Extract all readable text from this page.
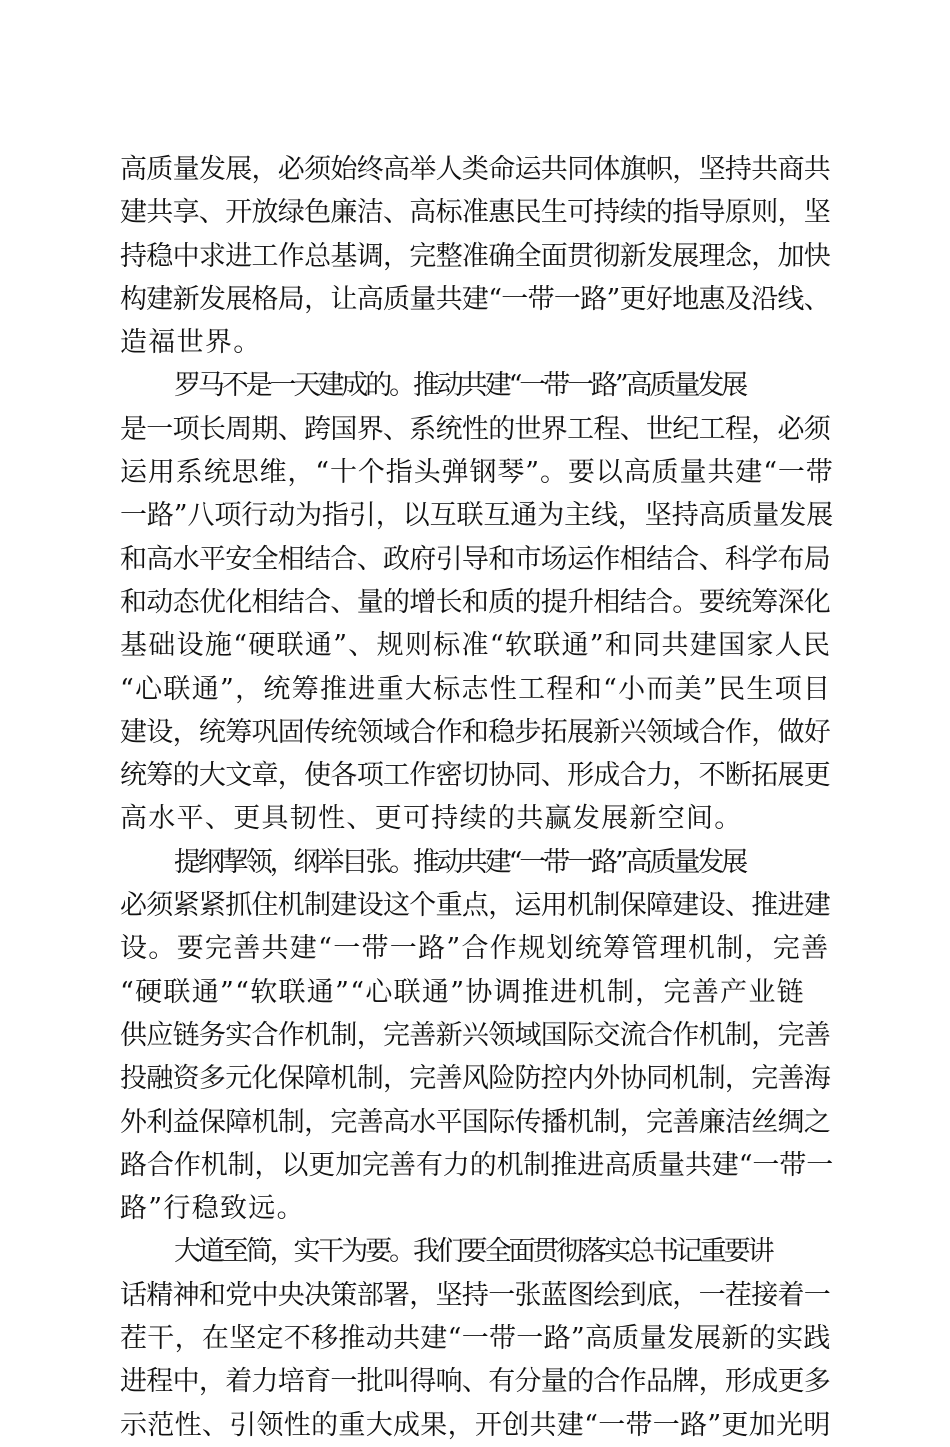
高质量发展，必须始终高举人类命运共同体旗帜，坚持共商共
建共享、开放绿色廉洁、高标准惠民生可持续的指导原则，坚
持稳中求进工作总基调，完整准确全面贯彻新发展理念，加快
构建新发展格局，让高质量共建“一带一路”更好地惠及沿线、
造福世界。
罗马不是一天建成的。推动共建“一带一路”高质量发展
是一项长周期、跨国界、系统性的世界工程、世纪工程，必须
运用系统思维，“十个指头弹钢琴”。要以高质量共建“一带
一路”八项行动为指引，以互联互通为主线，坚持高质量发展
和高水平安全相结合、政府引导和市场运作相结合、科学布局
和动态优化相结合、量的增长和质的提升相结合。要统筹深化
基础设施“硬联通”、规则标准“软联通”和同共建国家人民
“心联通”，统筹推进重大标志性工程和“小而美”民生项目
建设，统筹巩固传统领域合作和稳步拓展新兴领域合作，做好
统筹的大文章，使各项工作密切协同、形成合力，不断拓展更
高水平、更具韧性、更可持续的共赢发展新空间。
提纲挈领，纲举目张。推动共建“一带一路”高质量发展
必须紧紧抓住机制建设这个重点，运用机制保障建设、推进建
设。要完善共建“一带一路”合作规划统筹管理机制，完善
“硬联通”“软联通”“心联通”协调推进机制，完善产业链
供应链务实合作机制，完善新兴领域国际交流合作机制，完善
投融资多元化保障机制，完善风险防控内外协同机制，完善海
外利益保障机制，完善高水平国际传播机制，完善廉洁丝绸之
路合作机制，以更加完善有力的机制推进高质量共建“一带一
路”行稳致远。
大道至简，实干为要。我们要全面贯彻落实总书记重要讲
话精神和党中央决策部署，坚持一张蓝图绘到底，一茬接着一
茬干，在坚定不移推动共建“一带一路”高质量发展新的实践
进程中，着力培育一批叫得响、有分量的合作品牌，形成更多
示范性、引领性的重大成果，开创共建“一带一路”更加光明
